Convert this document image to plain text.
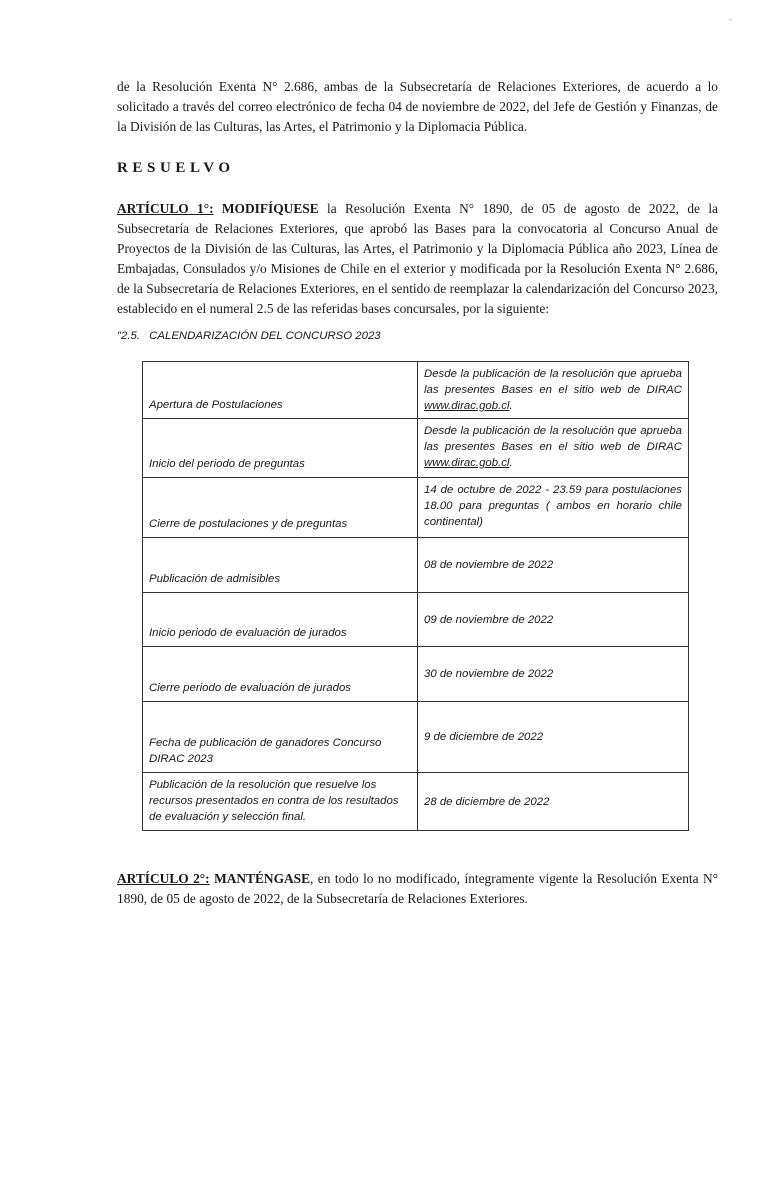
-

de la Resolución Exenta N° 2.686, ambas de la Subsecretaría de Relaciones Exteriores, de acuerdo a lo solicitado a través del correo electrónico de fecha 04 de noviembre de 2022, del Jefe de Gestión y Finanzas, de la División de las Culturas, las Artes, el Patrimonio y la Diplomacia Pública.

RESUELVO

ARTÍCULO 1°: MODIFÍQUESE la Resolución Exenta N° 1890, de 05 de agosto de 2022, de la Subsecretaría de Relaciones Exteriores, que aprobó las Bases para la convocatoria al Concurso Anual de Proyectos de la División de las Culturas, las Artes, el Patrimonio y la Diplomacia Pública año 2023, Línea de Embajadas, Consulados y/o Misiones de Chile en el exterior y modificada por la Resolución Exenta N° 2.686, de la Subsecretaría de Relaciones Exteriores, en el sentido de reemplazar la calendarización del Concurso 2023, establecido en el numeral 2.5 de las referidas bases concursales, por la siguiente:

"2.5. CALENDARIZACIÓN DEL CONCURSO 2023
Apertura de Postulaciones	Desde la publicación de la resolución que aprueba las presentes Bases en el sitio web de DIRAC www.dirac.gob.cl.
Inicio del periodo de preguntas	Desde la publicación de la resolución que aprueba las presentes Bases en el sitio web de DIRAC www.dirac.gob.cl.
Cierre de postulaciones y de preguntas	14 de octubre de 2022 - 23.59 para postulaciones 18.00 para preguntas ( ambos en horario chile continental)
Publicación de admisibles	08 de noviembre de 2022
Inicio periodo de evaluación de jurados	09 de noviembre de 2022
Cierre periodo de evaluación de jurados	30 de noviembre de 2022
Fecha de publicación de ganadores Concurso DIRAC 2023	9 de diciembre de 2022
Publicación de la resolución que resuelve los recursos presentados en contra de los resultados de evaluación y selección final.	28 de diciembre de 2022

ARTÍCULO 2°: MANTÉNGASE, en todo lo no modificado, íntegramente vigente la Resolución Exenta N° 1890, de 05 de agosto de 2022, de la Subsecretaría de Relaciones Exteriores.
